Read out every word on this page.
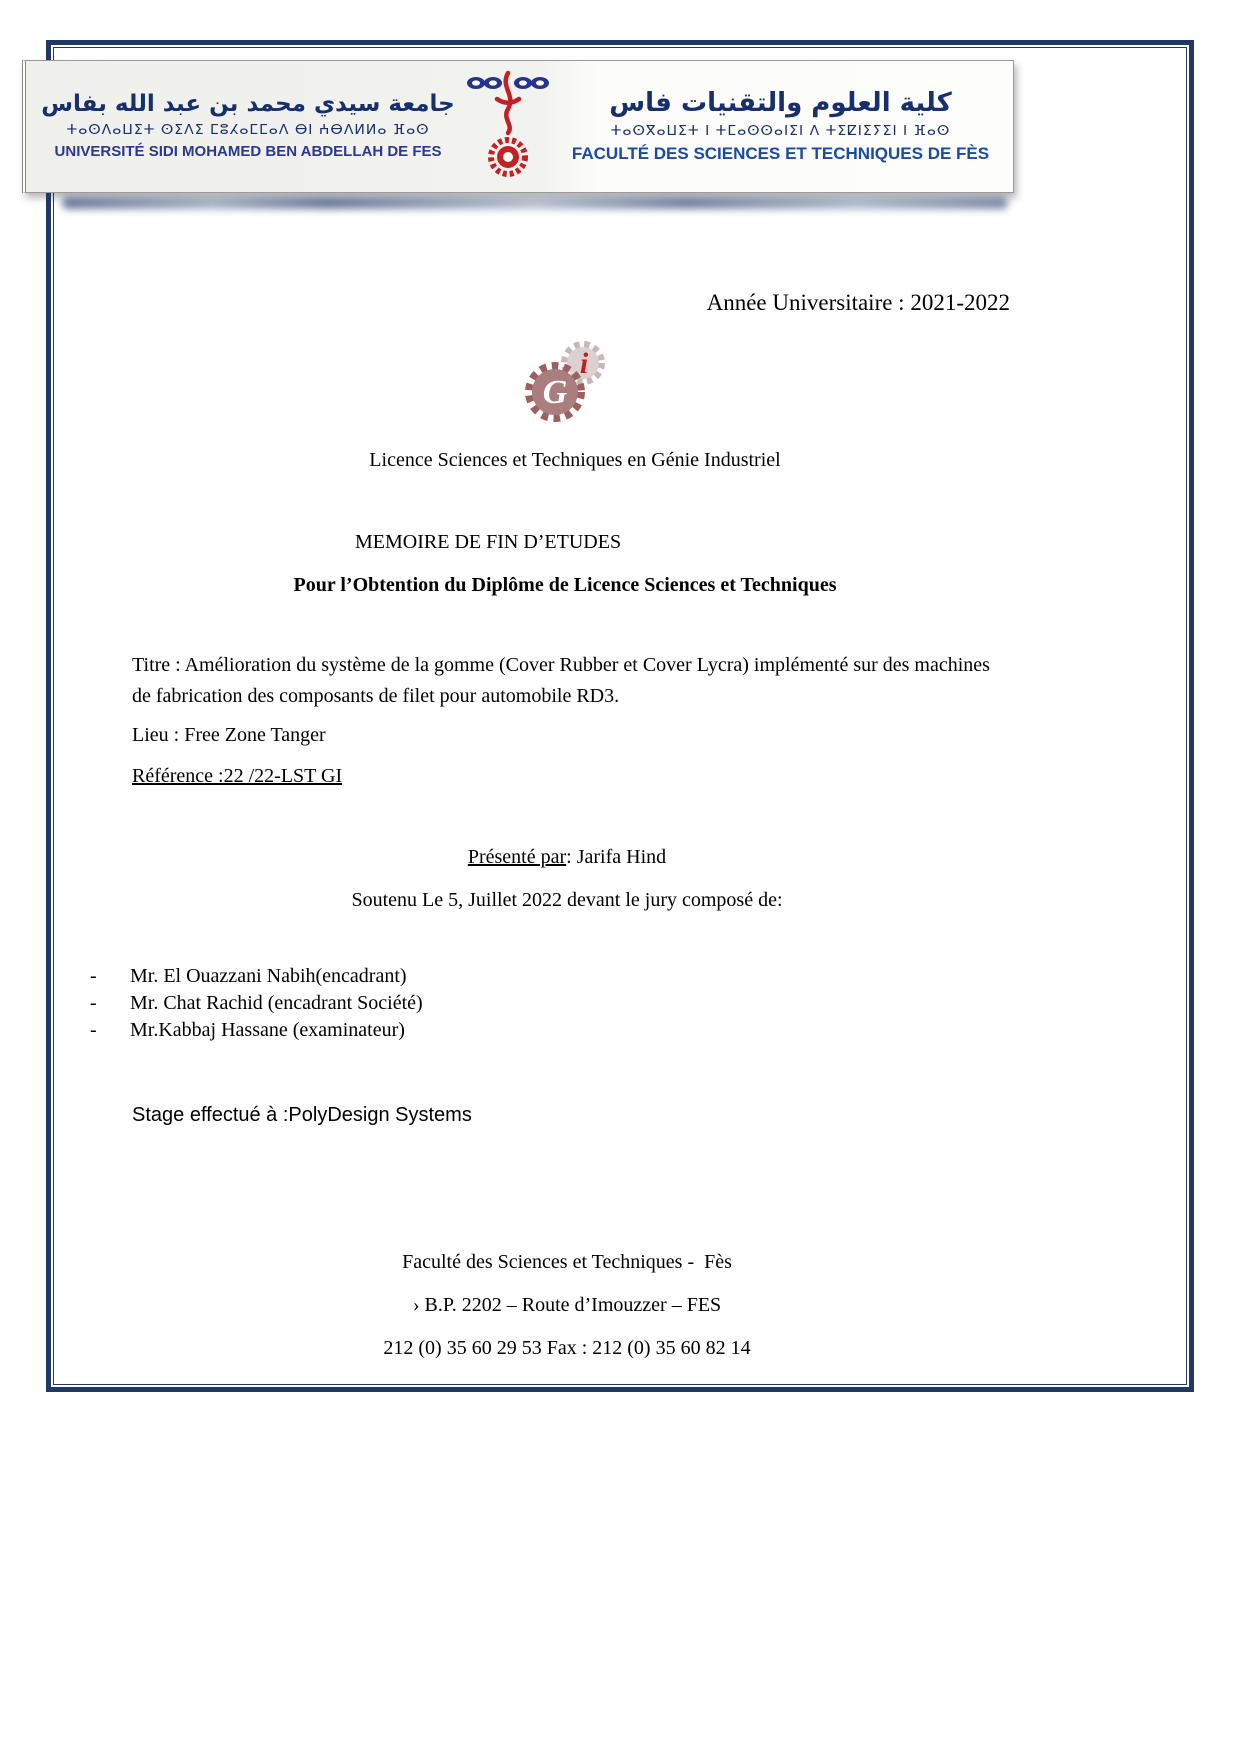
جامعة سيدي محمد بن عبد الله بفاس
ⵜⴰⵙⴷⴰⵡⵉⵜ ⵙⵉⴷⵉ ⵎⵓⵃⴰⵎⵎⴰⴷ ⴱⵏ ⵄⴱⴷⵍⵍⴰ ⴼⴰⵙ
UNIVERSITÉ SIDI MOHAMED BEN ABDELLAH DE FES
كلية العلوم والتقنيات فاس
ⵜⴰⵙⴳⴰⵡⵉⵜ ⵏ ⵜⵎⴰⵙⵙⴰⵏⵉⵏ ⴷ ⵜⵉⵇⵏⵉⵢⵉⵏ ⵏ ⴼⴰⵙ
FACULTÉ DES SCIENCES ET TECHNIQUES DE FÈS
Année Universitaire : 2021-2022
G
i
Licence Sciences et Techniques en Génie Industriel
MEMOIRE DE FIN D’ETUDES
Pour l’Obtention du Diplôme de Licence Sciences et Techniques
Titre : Amélioration du système de la gomme (Cover Rubber et Cover Lycra) implémenté sur des machines de fabrication des composants de filet pour automobile RD3.
Lieu : Free Zone Tanger
Référence :22 /22-LST GI
Présenté par: Jarifa Hind
Soutenu Le 5, Juillet 2022 devant le jury composé de:
-	Mr. El Ouazzani Nabih(encadrant)
-	Mr. Chat Rachid (encadrant Société)
-	Mr.Kabbaj Hassane (examinateur)
Stage effectué à :PolyDesign Systems
Faculté des Sciences et Techniques -  Fès
› B.P. 2202 – Route d’Imouzzer – FES
212 (0) 35 60 29 53 Fax : 212 (0) 35 60 82 14
